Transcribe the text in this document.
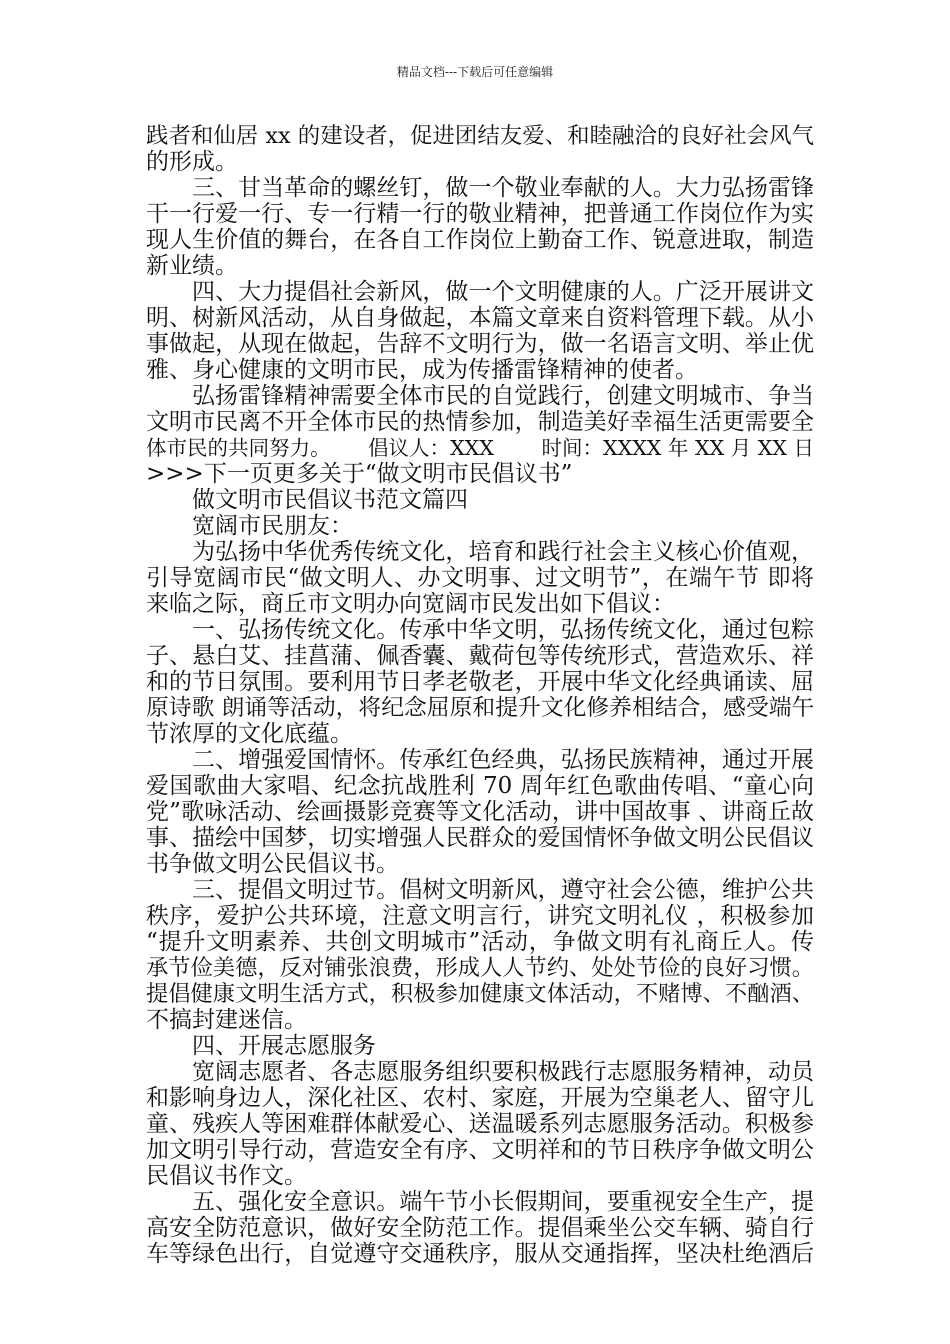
精品文档---下载后可任意编辑
践者和仙居 xx 的建设者，促进团结友爱、和睦融洽的良好社会风气
的形成。
三、甘当革命的螺丝钉，做一个敬业奉献的人。大力弘扬雷锋
干一行爱一行、专一行精一行的敬业精神，把普通工作岗位作为实
现人生价值的舞台，在各自工作岗位上勤奋工作、锐意进取，制造
新业绩。
四、大力提倡社会新风，做一个文明健康的人。广泛开展讲文
明、树新风活动，从自身做起，本篇文章来自资料管理下载。从小
事做起，从现在做起，告辞不文明行为，做一名语言文明、举止优
雅、身心健康的文明市民，成为传播雷锋精神的使者。
弘扬雷锋精神需要全体市民的自觉践行，创建文明城市、争当
文明市民离不开全体市民的热情参加，制造美好幸福生活更需要全
体市民的共同努力。　　 倡议人：XXX　　 时间：XXXX 年 XX 月 XX 日
>>>下一页更多关于“做文明市民倡议书”
做文明市民倡议书范文篇四
宽阔市民朋友：
为弘扬中华优秀传统文化，培育和践行社会主义核心价值观，
引导宽阔市民“做文明人、办文明事、过文明节”，在端午节 即将
来临之际，商丘市文明办向宽阔市民发出如下倡议：
一、弘扬传统文化。传承中华文明，弘扬传统文化，通过包粽
子、悬白艾、挂菖蒲、佩香囊、戴荷包等传统形式，营造欢乐、祥
和的节日氛围。要利用节日孝老敬老，开展中华文化经典诵读、屈
原诗歌 朗诵等活动，将纪念屈原和提升文化修养相结合，感受端午
节浓厚的文化底蕴。
二、增强爱国情怀。传承红色经典，弘扬民族精神，通过开展
爱国歌曲大家唱、纪念抗战胜利 70 周年红色歌曲传唱、“童心向
党”歌咏活动、绘画摄影竞赛等文化活动，讲中国故事 、讲商丘故
事、描绘中国梦，切实增强人民群众的爱国情怀争做文明公民倡议
书争做文明公民倡议书。
三、提倡文明过节。倡树文明新风，遵守社会公德，维护公共
秩序，爱护公共环境，注意文明言行，讲究文明礼仪 ，积极参加
“提升文明素养、共创文明城市”活动，争做文明有礼商丘人。传
承节俭美德，反对铺张浪费，形成人人节约、处处节俭的良好习惯。
提倡健康文明生活方式，积极参加健康文体活动，不赌博、不酗酒、
不搞封建迷信。
四、开展志愿服务
宽阔志愿者、各志愿服务组织要积极践行志愿服务精神，动员
和影响身边人，深化社区、农村、家庭，开展为空巢老人、留守儿
童、残疾人等困难群体献爱心、送温暖系列志愿服务活动。积极参
加文明引导行动，营造安全有序、文明祥和的节日秩序争做文明公
民倡议书作文。
五、强化安全意识。端午节小长假期间，要重视安全生产，提
高安全防范意识，做好安全防范工作。提倡乘坐公交车辆、骑自行
车等绿色出行，自觉遵守交通秩序，服从交通指挥，坚决杜绝酒后
